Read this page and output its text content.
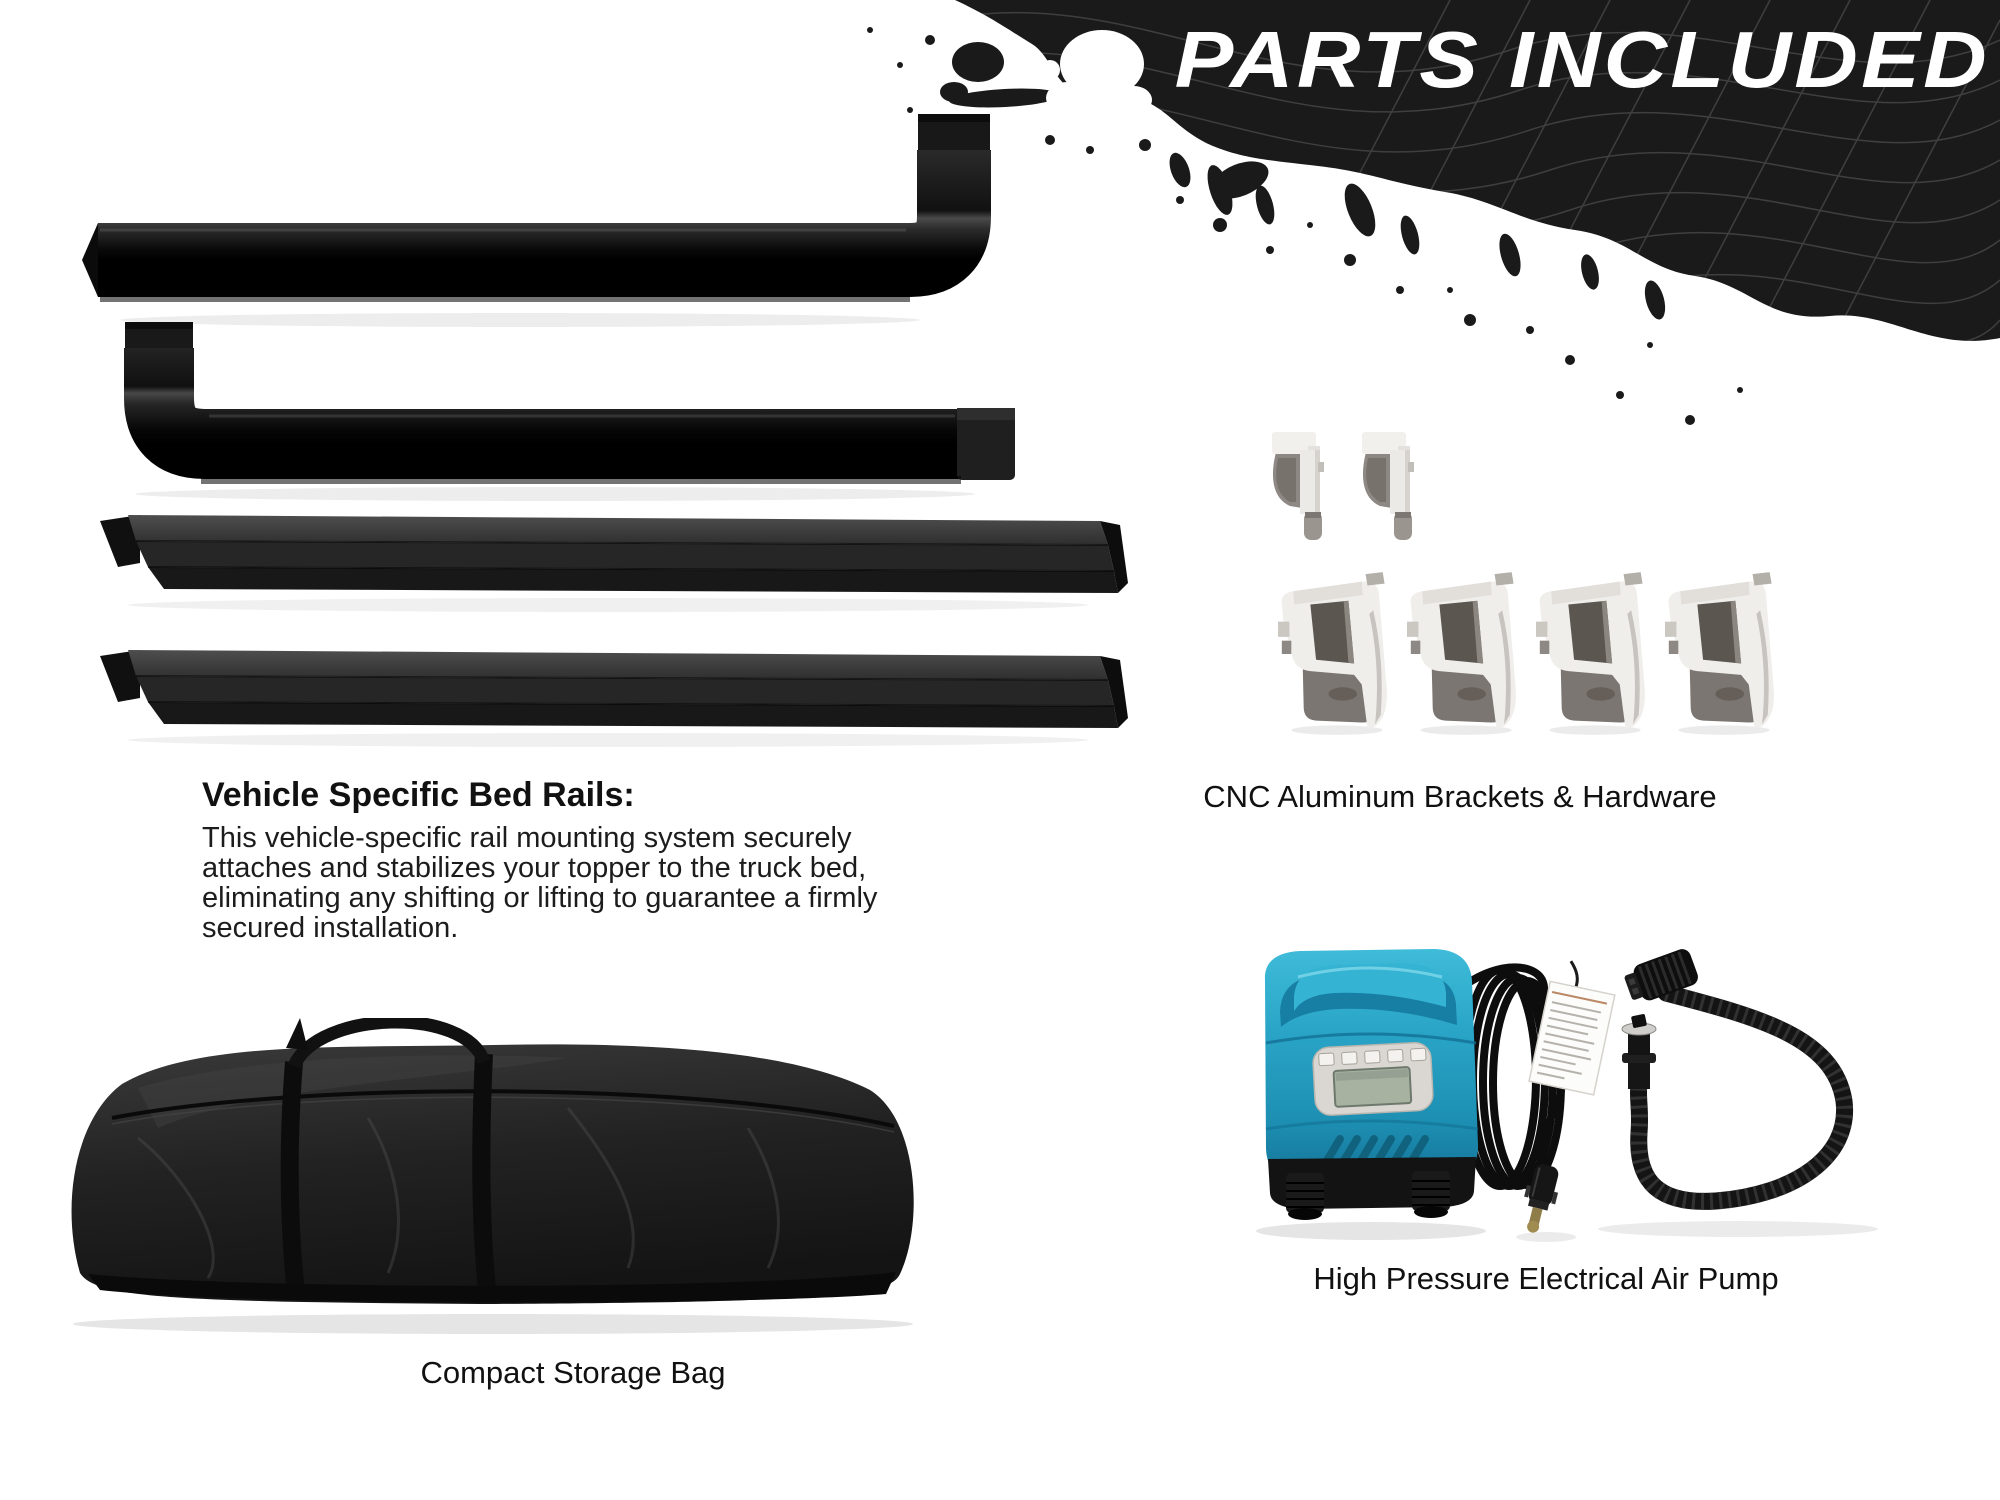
PARTS INCLUDED
Vehicle Specific Bed Rails:
This vehicle-specific rail mounting system securely
attaches and stabilizes your topper to the truck bed,
eliminating any shifting or lifting to guarantee a firmly
secured installation.
CNC Aluminum Brackets & Hardware
Compact Storage Bag
High Pressure Electrical Air Pump
